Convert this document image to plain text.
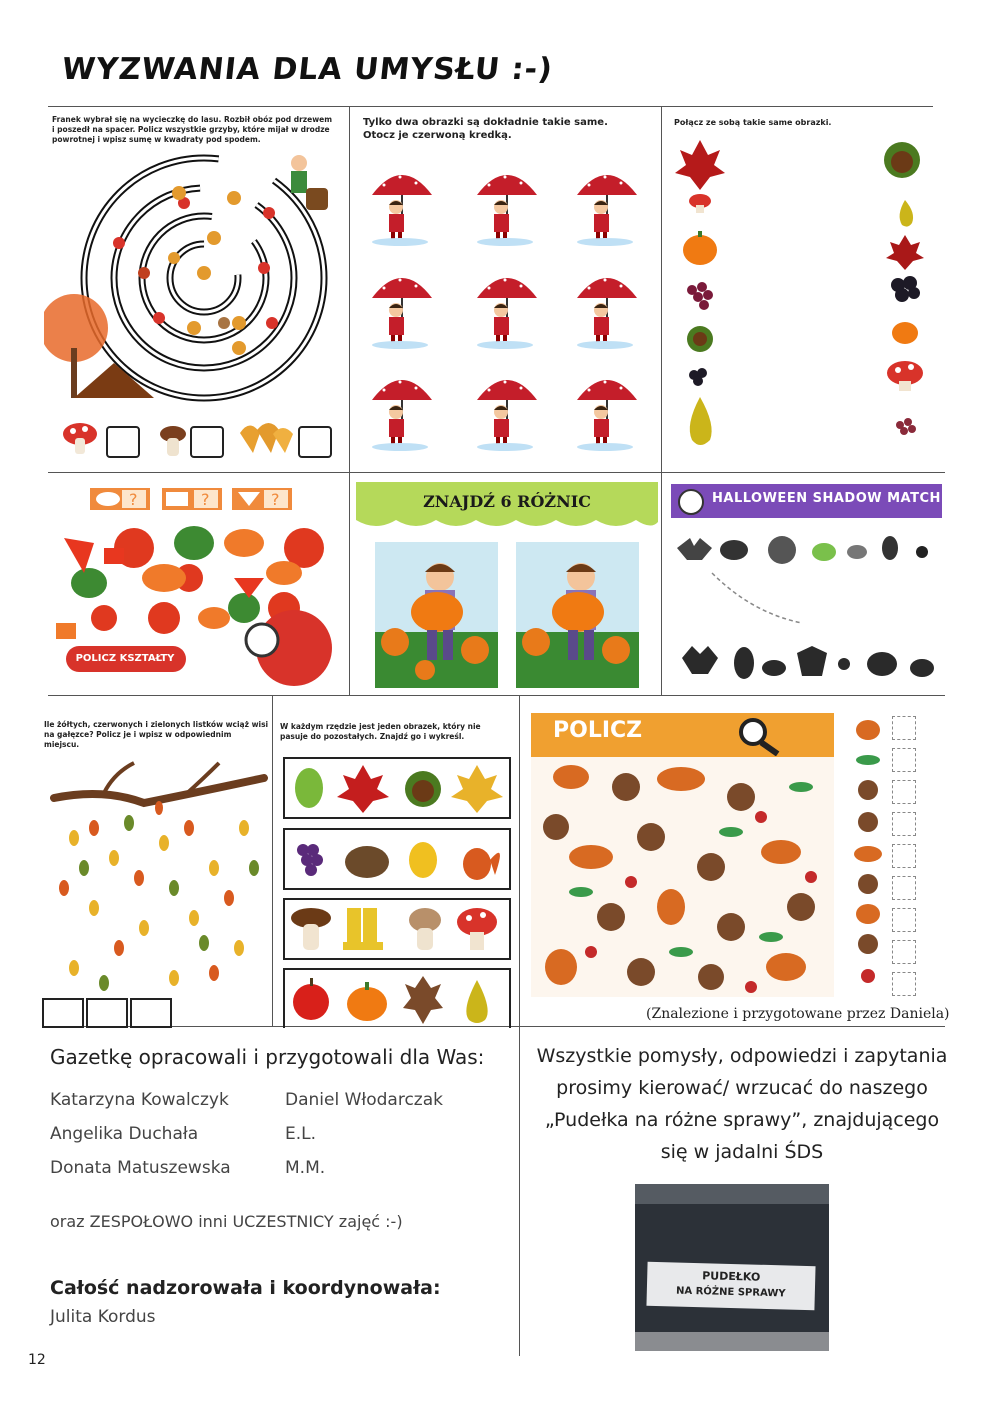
WYZWANIA DLA UMYSŁU :-)
Franek wybrał się na wycieczkę do lasu. Rozbił obóz pod drzewem i poszedł na spacer. Policz wszystkie grzyby, które mijał w drodze powrotnej i wpisz sumę w kwadraty pod spodem.
Tylko dwa obrazki są dokładnie takie same. Otocz je czerwoną kredką.
Połącz ze sobą takie same obrazki.
?	?	?
POLICZ KSZTAŁTY
ZNAJDŹ 6 RÓŻNIC	HALLOWEEN SHADOW MATCH
Ile żółtych, czerwonych i zielonych listków wciąż wisi na gałęzce? Policz je i wpisz w odpowiednim miejscu.
W każdym rzędzie jest jeden obrazek, który nie pasuje do pozostałych. Znajdź go i wykreśl.	POLICZ
(Znalezione i przygotowane przez Daniela)
Gazetkę opracowali i przygotowali dla Was:
Katarzyna Kowalczyk
Angelika Duchała
Donata Matuszewska
Daniel Włodarczak
E.L.
M.M.
oraz ZESPOŁOWO inni UCZESTNICY zajęć :-)
Całość nadzorowała i koordynowała:
Julita Kordus
Wszystkie pomysły, odpowiedzi i zapytania prosimy kierować/ wrzucać do naszego „Pudełka na różne sprawy”, znajdującego się w jadalni ŚDS
PUDEŁKO
NA RÓŻNE SPRAWY
12
